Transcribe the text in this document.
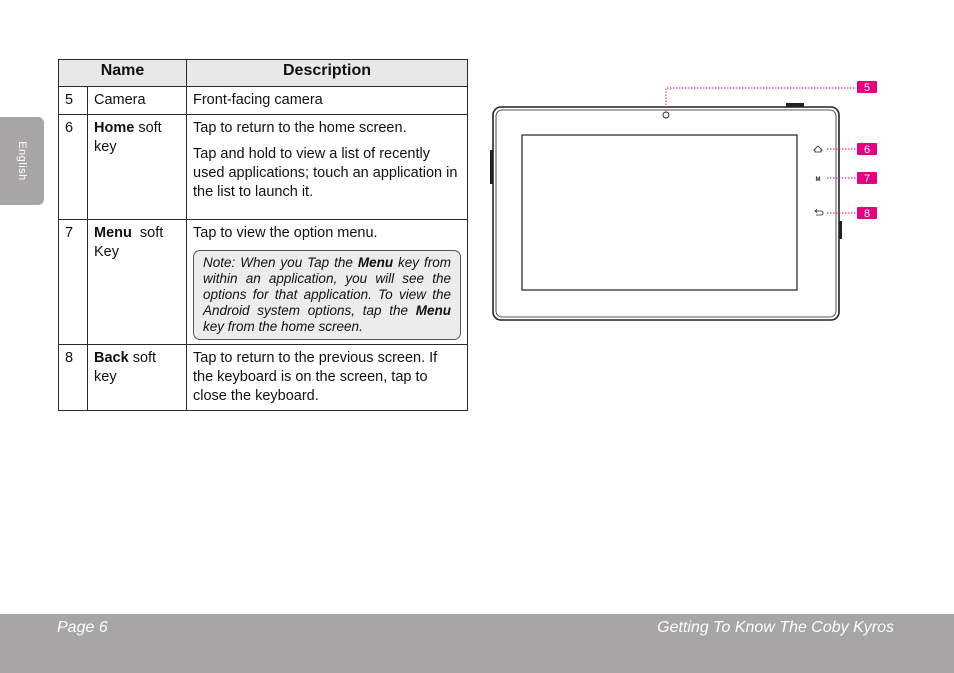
English
Name		Description
5	Camera	Front-facing camera

6	Home soft key	Tap to return to the home screen.

Tap and hold to view a list of recently used applications; touch an application in the list to launch it.

7	Menu  soft Key	Tap to view the option menu.

Note: When you Tap the Menu key from within an application, you will see the options for that application. To view the Android system options, tap the Menu key from the home screen.

8	Back soft key	Tap to return to the previous screen. If the keyboard is on the screen, tap to close the keyboard.

M
5
6
7
8
Page 6	Getting To Know The Coby Kyros
